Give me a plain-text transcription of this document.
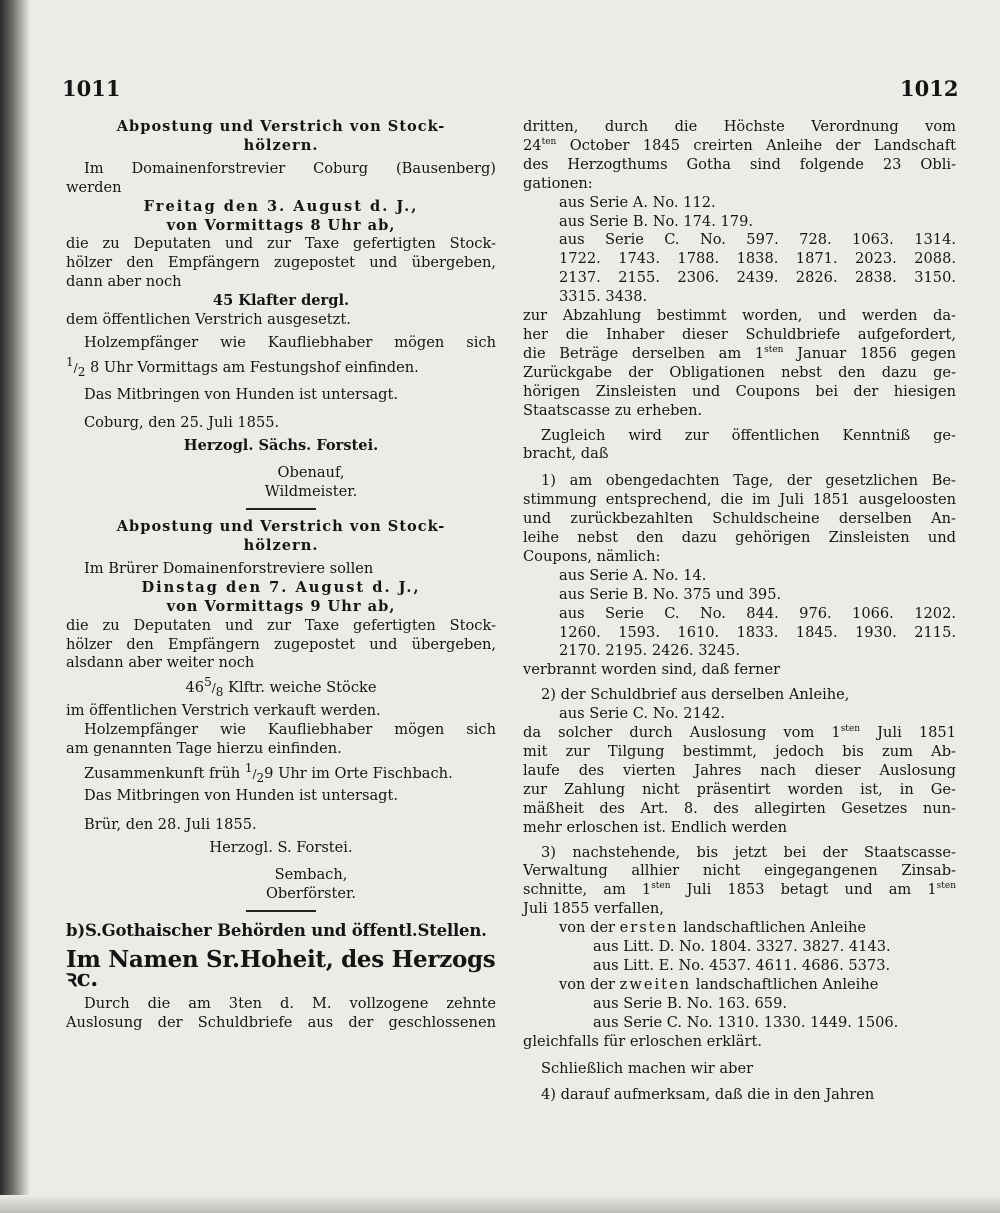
1011	1012

Abpostung und Verstrich von Stock-

hölzern.

Im Domainenforstrevier Coburg (Bausenberg)

werden

Freitag den 3. August d. J.,

von Vormittags 8 Uhr ab,

die zu Deputaten und zur Taxe gefertigten Stock-

hölzer den Empfängern zugepostet und übergeben,

dann aber noch

45 Klafter dergl.

dem öffentlichen Verstrich ausgesetzt.

Holzempfänger wie Kaufliebhaber mögen sich

$^1/_2$ 8 Uhr Vormittags am Festungshof einfinden.

Das Mitbringen von Hunden ist untersagt.

Coburg, den 25. Juli 1855.

Herzogl. Sächs. Forstei.

Obenauf,

Wildmeister.

Abpostung und Verstrich von Stock-

hölzern.

Im Brürer Domainenforstreviere sollen

Dinstag den 7. August d. J.,

von Vormittags 9 Uhr ab,

die zu Deputaten und zur Taxe gefertigten Stock-

hölzer den Empfängern zugepostet und übergeben,

alsdann aber weiter noch

$46^5/_8$ Klftr. weiche Stöcke

im öffentlichen Verstrich verkauft werden.

Holzempfänger wie Kaufliebhaber mögen sich

am genannten Tage hierzu einfinden.

Zusammenkunft früh $^1/_29$ Uhr im Orte Fischbach.

Das Mitbringen von Hunden ist untersagt.

Brür, den 28. Juli 1855.

Herzogl. S. Forstei.

Sembach,

Oberförster.

b)S.Gothaischer Behörden und öffentl.Stellen.

Im Namen Sr.Hoheit, des Herzogs ꝛc.

Durch die am 3ten d. M. vollzogene zehnte

Auslosung der Schuldbriefe aus der geschlossenen

dritten, durch die Höchste Verordnung vom

$24^{ten}$ October 1845 creirten Anleihe der Landschaft

des Herzogthums Gotha sind folgende 23 Obli-

gationen:

aus Serie A. No. 112.

aus Serie B. No. 174. 179.

aus Serie C. No. 597. 728. 1063. 1314.

1722. 1743. 1788. 1838. 1871. 2023. 2088.

2137. 2155. 2306. 2439. 2826. 2838. 3150.

3315. 3438.

zur Abzahlung bestimmt worden, und werden da-

her die Inhaber dieser Schuldbriefe aufgefordert,

die Beträge derselben am $1^{sten}$ Januar 1856 gegen

Zurückgabe der Obligationen nebst den dazu ge-

hörigen Zinsleisten und Coupons bei der hiesigen

Staatscasse zu erheben.

Zugleich wird zur öffentlichen Kenntniß ge-

bracht, daß

1) am obengedachten Tage, der gesetzlichen Be-

stimmung entsprechend, die im Juli 1851 ausgeloosten

und zurückbezahlten Schuldscheine derselben An-

leihe nebst den dazu gehörigen Zinsleisten und

Coupons, nämlich:

aus Serie A. No. 14.

aus Serie B. No. 375 und 395.

aus Serie C. No. 844. 976. 1066. 1202.

1260. 1593. 1610. 1833. 1845. 1930. 2115.

2170. 2195. 2426. 3245.

verbrannt worden sind, daß ferner

2) der Schuldbrief aus derselben Anleihe,

aus Serie C. No. 2142.

da solcher durch Auslosung vom $1^{sten}$ Juli 1851

mit zur Tilgung bestimmt, jedoch bis zum Ab-

laufe des vierten Jahres nach dieser Auslosung

zur Zahlung nicht präsentirt worden ist, in Ge-

mäßheit des Art. 8. des allegirten Gesetzes nun-

mehr erloschen ist. Endlich werden

3) nachstehende, bis jetzt bei der Staatscasse-

Verwaltung allhier nicht eingegangenen Zinsab-

schnitte, am $1^{sten}$ Juli 1853 betagt und am $1^{sten}$

Juli 1855 verfallen,

von der ersten landschaftlichen Anleihe

aus Litt. D. No. 1804. 3327. 3827. 4143.

aus Litt. E. No. 4537. 4611. 4686. 5373.

von der zweiten landschaftlichen Anleihe

aus Serie B. No. 163. 659.

aus Serie C. No. 1310. 1330. 1449. 1506.

gleichfalls für erloschen erklärt.

Schließlich machen wir aber

4) darauf aufmerksam, daß die in den Jahren
